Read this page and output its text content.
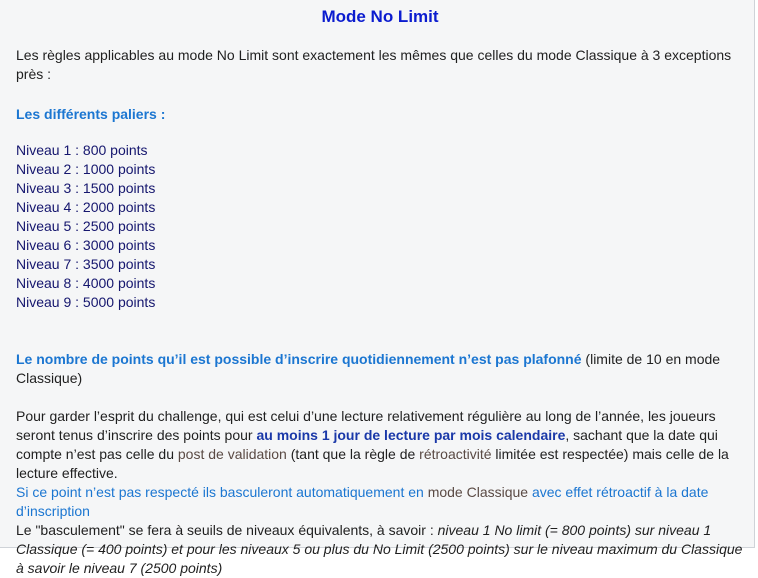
Mode No Limit

Les règles applicables au mode No Limit sont exactement les mêmes que celles du mode Classique à 3 exceptions près :

Les différents paliers :

Niveau 1 : 800 points
Niveau 2 : 1000 points
Niveau 3 : 1500 points
Niveau 4 : 2000 points
Niveau 5 : 2500 points
Niveau 6 : 3000 points
Niveau 7 : 3500 points
Niveau 8 : 4000 points
Niveau 9 : 5000 points

Le nombre de points qu’il est possible d’inscrire quotidiennement n’est pas plafonné (limite de 10 en mode Classique)

Pour garder l’esprit du challenge, qui est celui d’une lecture relativement régulière au long de l’année, les joueurs seront tenus d’inscrire des points pour au moins 1 jour de lecture par mois calendaire, sachant que la date qui compte n’est pas celle du post de validation (tant que la règle de rétroactivité limitée est respectée) mais celle de la lecture effective.

Si ce point n’est pas respecté ils basculeront automatiquement en mode Classique avec effet rétroactif à la date d’inscription

Le "basculement" se fera à seuils de niveaux équivalents, à savoir : niveau 1 No limit (= 800 points) sur niveau 1 Classique (= 400 points) et pour les niveaux 5 ou plus du No Limit (2500 points) sur le niveau maximum du Classique à savoir le niveau 7 (2500 points)
